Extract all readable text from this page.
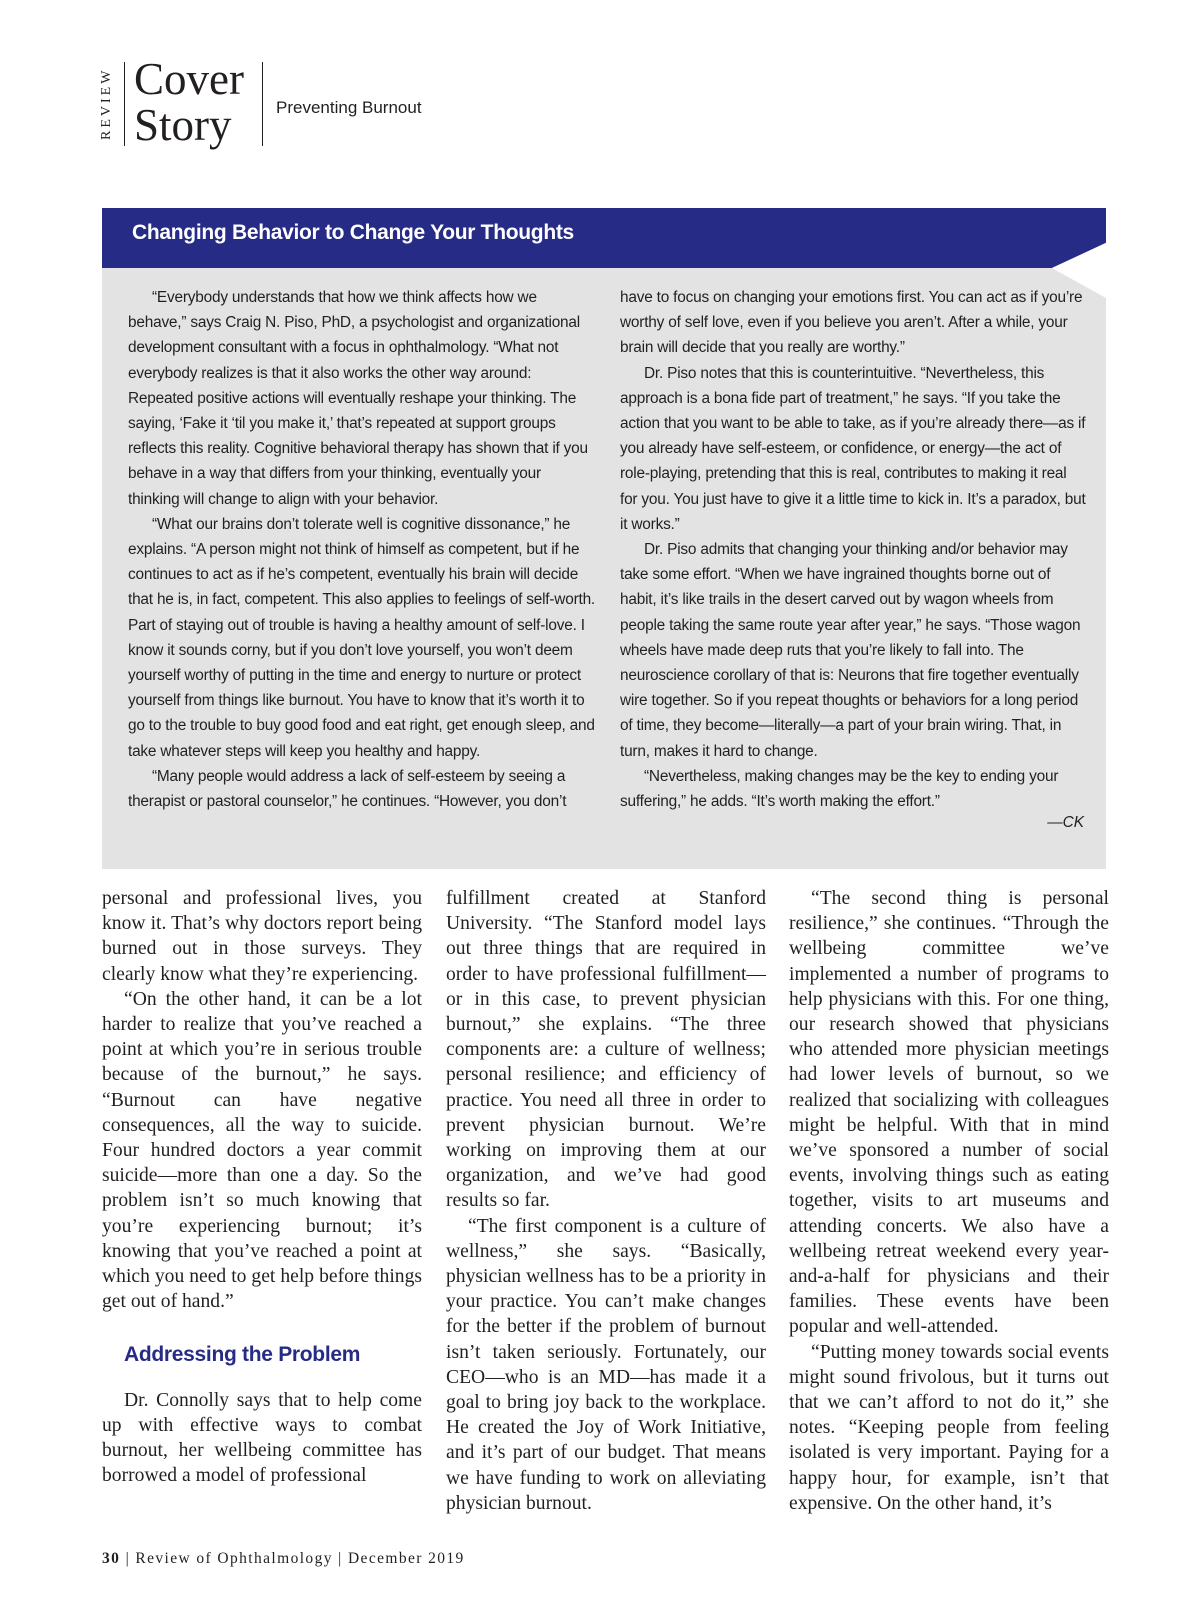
REVIEW Cover
Story	Preventing Burnout
Changing Behavior to Change Your Thoughts

“Everybody understands that how we think affects how we behave,” says Craig N. Piso, PhD, a psychologist and organizational development consultant with a focus in ophthalmology. “What not everybody realizes is that it also works the other way around: Repeated positive actions will eventually reshape your thinking. The saying, ‘Fake it ‘til you make it,’ that’s repeated at support groups reflects this reality. Cognitive behavioral therapy has shown that if you behave in a way that differs from your thinking, eventually your thinking will change to align with your behavior.

“What our brains don’t tolerate well is cognitive dissonance,” he explains. “A person might not think of himself as competent, but if he continues to act as if he’s competent, eventually his brain will decide that he is, in fact, competent. This also applies to feelings of self-worth. Part of staying out of trouble is having a healthy amount of self-love. I know it sounds corny, but if you don’t love yourself, you won’t deem yourself worthy of putting in the time and energy to nurture or protect yourself from things like burnout. You have to know that it’s worth it to go to the trouble to buy good food and eat right, get enough sleep, and take whatever steps will keep you healthy and happy.

“Many people would address a lack of self-esteem by seeing a therapist or pastoral counselor,” he continues. “However, you don’t

have to focus on changing your emotions first. You can act as if you’re worthy of self love, even if you believe you aren’t. After a while, your brain will decide that you really are worthy.”

Dr. Piso notes that this is counterintuitive. “Nevertheless, this approach is a bona fide part of treatment,” he says. “If you take the action that you want to be able to take, as if you’re already there—as if you already have self-esteem, or confidence, or energy—the act of role-playing, pretending that this is real, contributes to making it real for you. You just have to give it a little time to kick in. It’s a paradox, but it works.”

Dr. Piso admits that changing your thinking and/or behavior may take some effort. “When we have ingrained thoughts borne out of habit, it’s like trails in the desert carved out by wagon wheels from people taking the same route year after year,” he says. “Those wagon wheels have made deep ruts that you’re likely to fall into. The neuroscience corollary of that is: Neurons that fire together eventually wire together. So if you repeat thoughts or behaviors for a long period of time, they become—literally—a part of your brain wiring. That, in turn, makes it hard to change.

“Nevertheless, making changes may be the key to ending your suffering,” he adds. “It’s worth making the effort.”

—CK

personal and professional lives, you know it. That’s why doctors report being burned out in those surveys. They clearly know what they’re experiencing.

“On the other hand, it can be a lot harder to realize that you’ve reached a point at which you’re in serious trouble because of the burnout,” he says. “Burnout can have negative consequences, all the way to suicide. Four hundred doctors a year commit suicide—more than one a day. So the problem isn’t so much knowing that you’re experiencing burnout; it’s knowing that you’ve reached a point at which you need to get help before things get out of hand.”

Addressing the Problem

Dr. Connolly says that to help come up with effective ways to combat burnout, her wellbeing committee has borrowed a model of professional

fulfillment created at Stanford University. “The Stanford model lays out three things that are required in order to have professional fulfillment—or in this case, to prevent physician burnout,” she explains. “The three components are: a culture of wellness; personal resilience; and efficiency of practice. You need all three in order to prevent physician burnout. We’re working on improving them at our organization, and we’ve had good results so far.

“The first component is a culture of wellness,” she says. “Basically, physician wellness has to be a priority in your practice. You can’t make changes for the better if the problem of burnout isn’t taken seriously. Fortunately, our CEO—who is an MD—has made it a goal to bring joy back to the workplace. He created the Joy of Work Initiative, and it’s part of our budget. That means we have funding to work on alleviating physician burnout.

“The second thing is personal resilience,” she continues. “Through the wellbeing committee we’ve implemented a number of programs to help physicians with this. For one thing, our research showed that physicians who attended more physician meetings had lower levels of burnout, so we realized that socializing with colleagues might be helpful. With that in mind we’ve sponsored a number of social events, involving things such as eating together, visits to art museums and attending concerts. We also have a wellbeing retreat weekend every year-and-a-half for physicians and their families. These events have been popular and well-attended.

“Putting money towards social events might sound frivolous, but it turns out that we can’t afford to not do it,” she notes. “Keeping people from feeling isolated is very important. Paying for a happy hour, for example, isn’t that expensive. On the other hand, it’s

30 | Review of Ophthalmology | December 2019
